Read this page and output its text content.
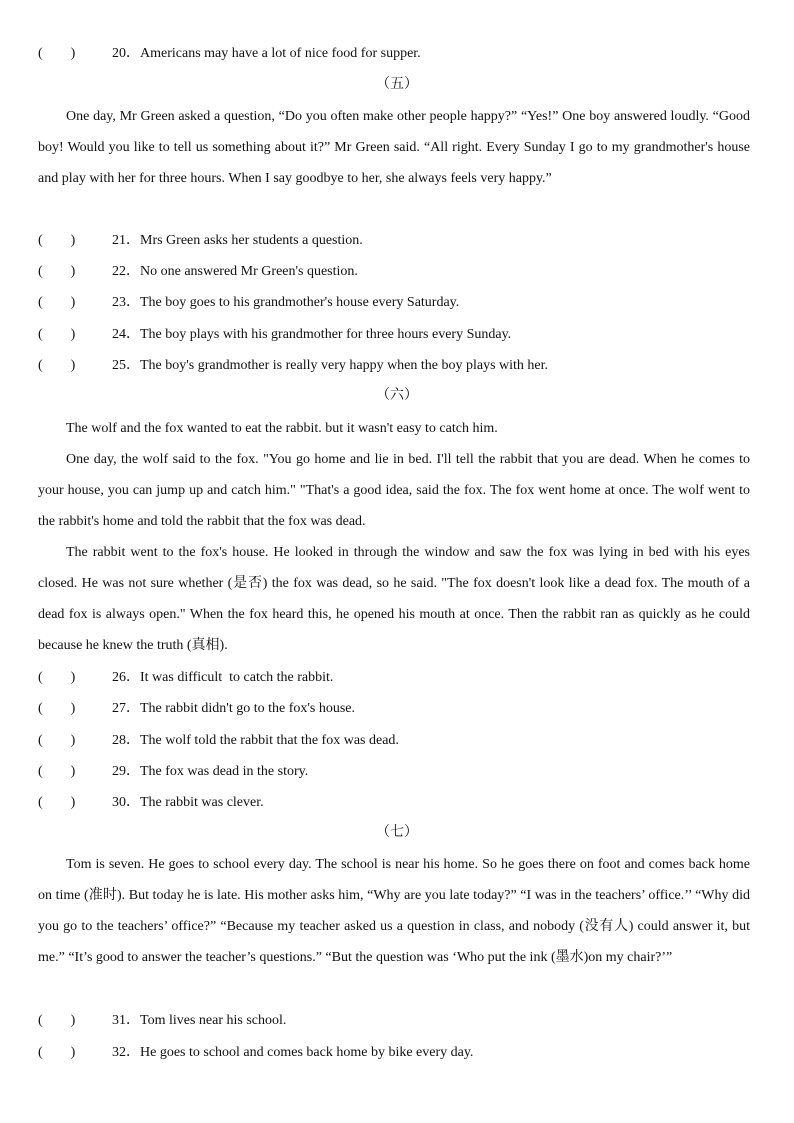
(　　)	20．Americans may have a lot of nice food for supper.
（五）

One day, Mr Green asked a question, “Do you often make other people happy?” “Yes!” One boy answered loudly. “Good boy! Would you like to tell us something about it?” Mr Green said. “All right. Every Sunday I go to my grandmother's house and play with her for three hours. When I say goodbye to her, she always feels very happy.”

(　　)	21．Mrs Green asks her students a question.
(　　)	22．No one answered Mr Green's question.
(　　)	23．The boy goes to his grandmother's house every Saturday.
(　　)	24．The boy plays with his grandmother for three hours every Sunday.
(　　)	25．The boy's grandmother is really very happy when the boy plays with her.
（六）

The wolf and the fox wanted to eat the rabbit. but it wasn't easy to catch him.

One day, the wolf said to the fox. "You go home and lie in bed. I'll tell the rabbit that you are dead. When he comes to your house, you can jump up and catch him." "That's a good idea, said the fox. The fox went home at once. The wolf went to the rabbit's home and told the rabbit that the fox was dead.

The rabbit went to the fox's house. He looked in through the window and saw the fox was lying in bed with his eyes closed. He was not sure whether (是否) the fox was dead, so he said. "The fox doesn't look like a dead fox. The mouth of a dead fox is always open." When the fox heard this, he opened his mouth at once. Then the rabbit ran as quickly as he could because he knew the truth (真相).

(　　)	26．It was difficult  to catch the rabbit.
(　　)	27．The rabbit didn't go to the fox's house.
(　　)	28．The wolf told the rabbit that the fox was dead.
(　　)	29．The fox was dead in the story.
(　　)	30．The rabbit was clever.
（七）

Tom is seven. He goes to school every day. The school is near his home. So he goes there on foot and comes back home on time (准时). But today he is late. His mother asks him, “Why are you late today?” “I was in the teachers’ office.’’ “Why did you go to the teachers’ office?” “Because my teacher asked us a question in class, and nobody (没有人) could answer it, but me.” “It’s good to answer the teacher’s questions.” “But the question was ‘Who put the ink (墨水)on my chair?’”

(　　)	31．Tom lives near his school.
(　　)	32．He goes to school and comes back home by bike every day.
